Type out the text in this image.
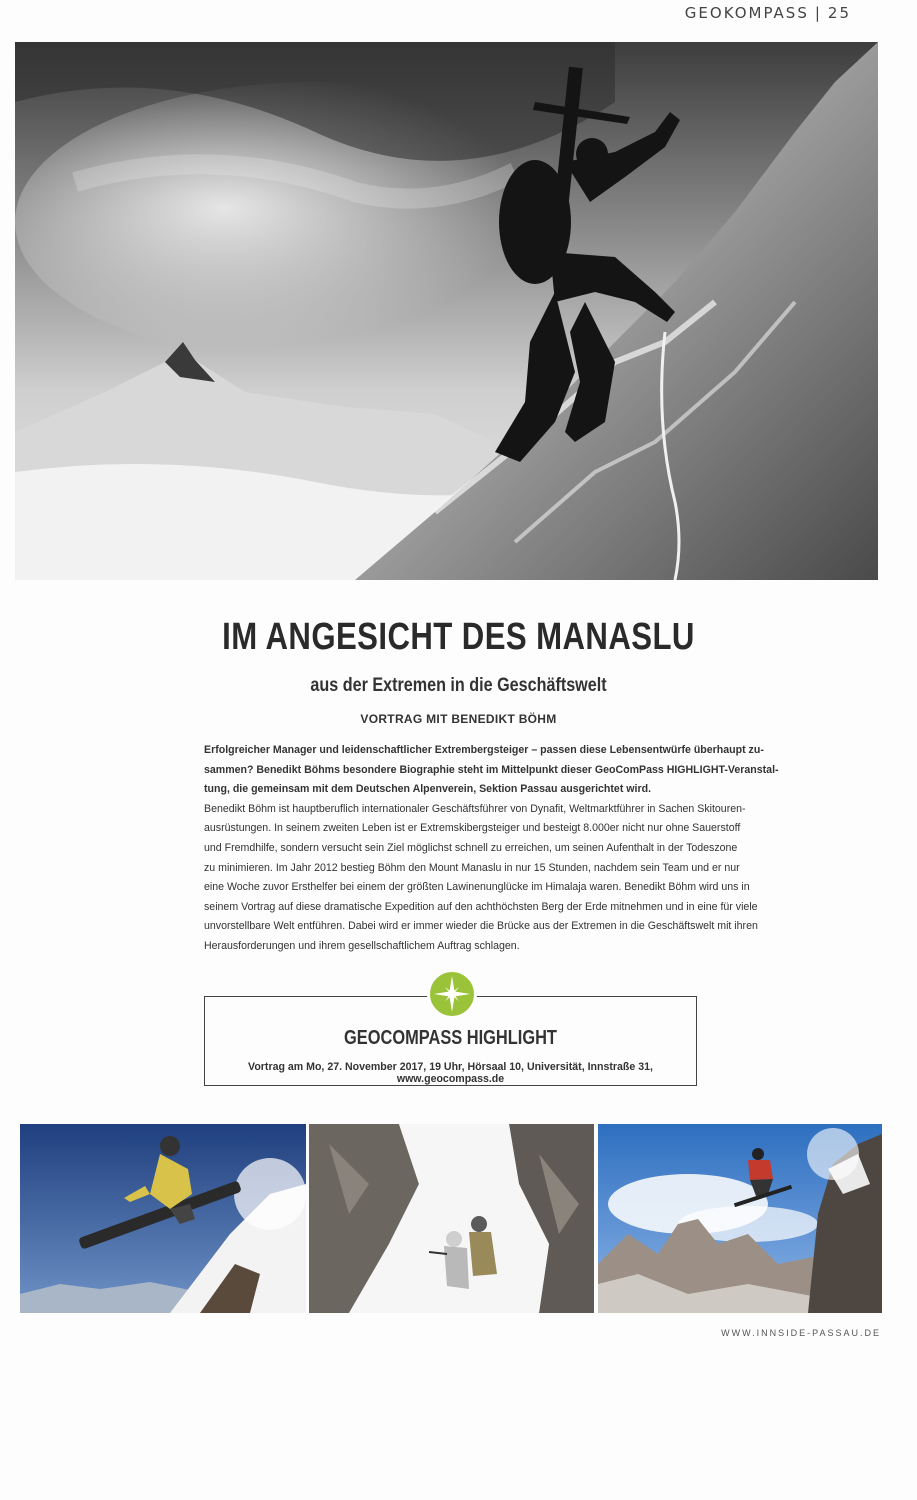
GEOKOMPASS | 25
IM ANGESICHT DES MANASLU
aus der Extremen in die Geschäftswelt
VORTRAG MIT BENEDIKT BÖHM
Erfolgreicher Manager und leidenschaftlicher Extrembergsteiger – passen diese Lebensentwürfe überhaupt zu-
sammen? Benedikt Böhms besondere Biographie steht im Mittelpunkt dieser GeoComPass HIGHLIGHT-Veranstal-
tung, die gemeinsam mit dem Deutschen Alpenverein, Sektion Passau ausgerichtet wird.
Benedikt Böhm ist hauptberuflich internationaler Geschäftsführer von Dynafit, Weltmarktführer in Sachen Skitouren-
ausrüstungen. In seinem zweiten Leben ist er Extremskibergsteiger und besteigt 8.000er nicht nur ohne Sauerstoff
und Fremdhilfe, sondern versucht sein Ziel möglichst schnell zu erreichen, um seinen Aufenthalt in der Todeszone
zu minimieren. Im Jahr 2012 bestieg Böhm den Mount Manaslu in nur 15 Stunden, nachdem sein Team und er nur
eine Woche zuvor Ersthelfer bei einem der größten Lawinenunglücke im Himalaja waren. Benedikt Böhm wird uns in
seinem Vortrag auf diese dramatische Expedition auf den achthöchsten Berg der Erde mitnehmen und in eine für viele
unvorstellbare Welt entführen. Dabei wird er immer wieder die Brücke aus der Extremen in die Geschäftswelt mit ihren
Herausforderungen und ihrem gesellschaftlichem Auftrag schlagen.
GEOCOMPASS HIGHLIGHT
Vortrag am Mo, 27. November 2017, 19 Uhr, Hörsaal 10, Universität, Innstraße 31, www.geocompass.de
WWW.INNSIDE-PASSAU.DE
